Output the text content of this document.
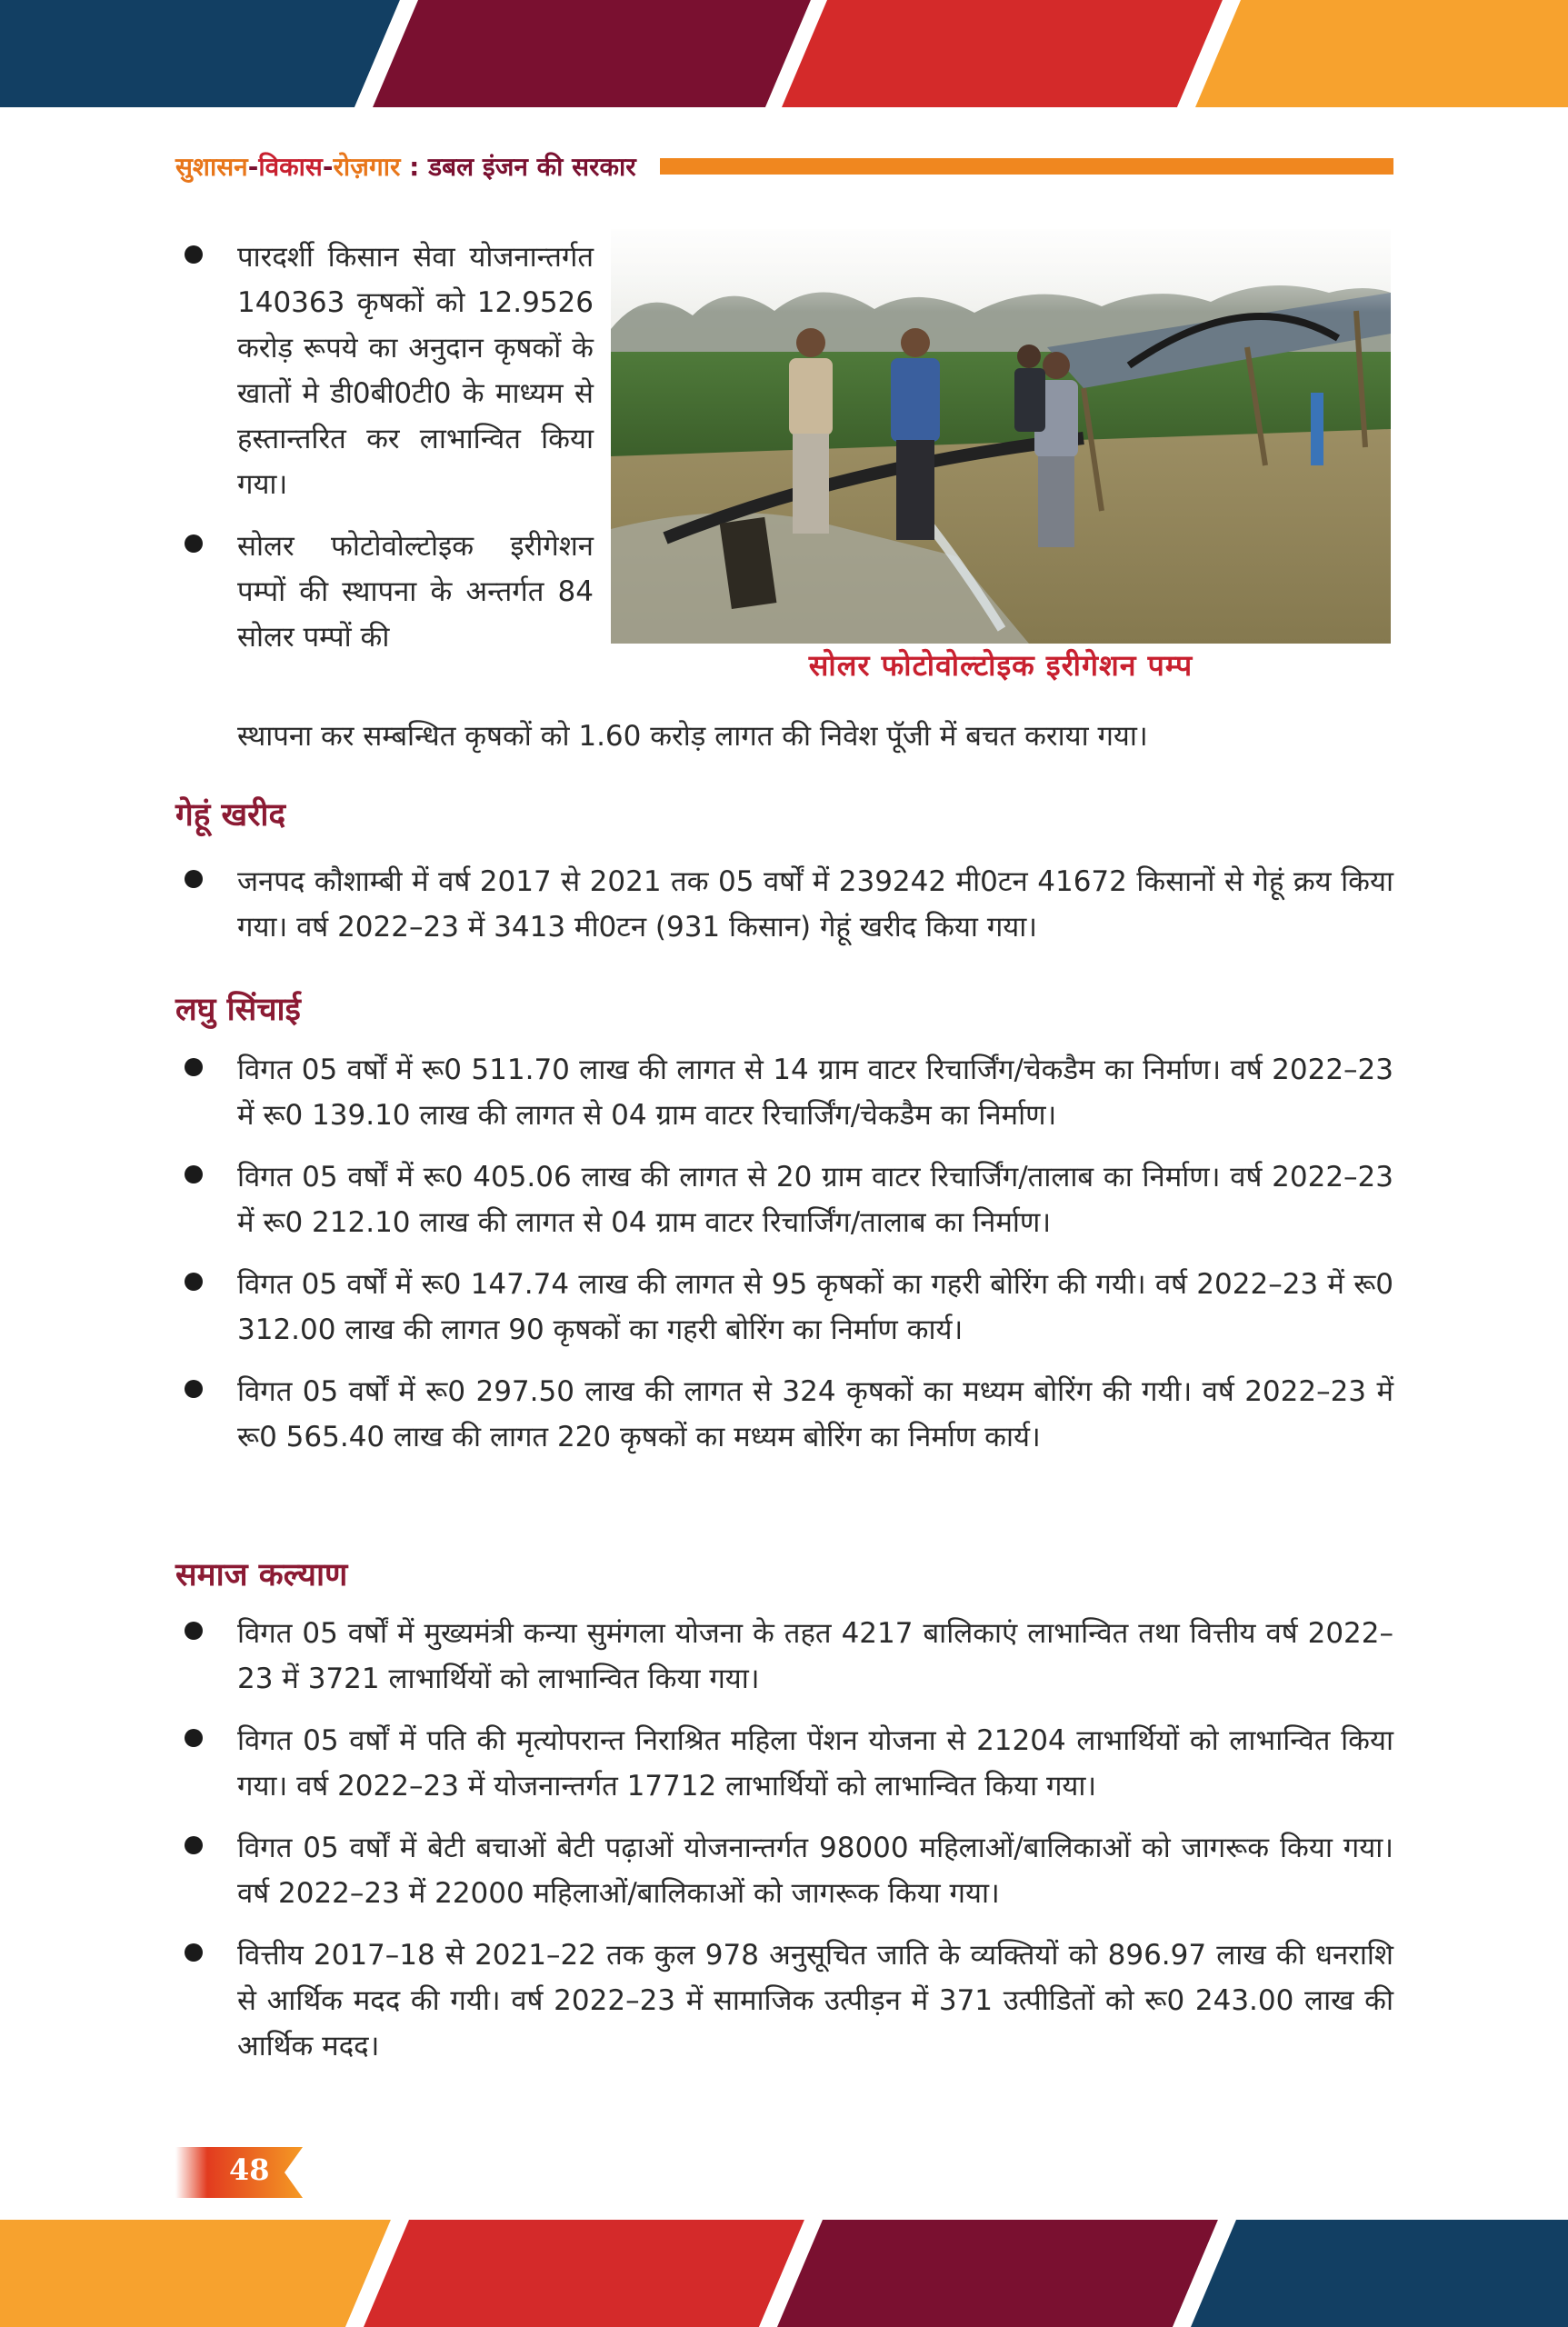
सुशासन-विकास-रोज़गार : डबल इंजन की सरकार
पारदर्शी किसान सेवा योजनान्तर्गत 140363 कृषकों को 12.9526 करोड़ रूपये का अनुदान कृषकों के खातों मे डी0बी0टी0 के माध्यम से हस्तान्तरित कर लाभान्वित किया गया।
सोलर फोटोवोल्टोइक इरीगेशन पम्पों की स्थापना के अन्तर्गत 84 सोलर पम्पों की
स्थापना कर सम्बन्धित कृषकों को 1.60 करोड़ लागत की निवेश पूॅजी में बचत कराया गया।
सोलर फोटोवोल्टोइक इरीगेशन पम्प
गेहूं खरीद
जनपद कौशाम्बी में वर्ष 2017 से 2021 तक 05 वर्षों में 239242 मी0टन 41672 किसानों से गेहूं क्रय किया गया। वर्ष 2022–23 में 3413 मी0टन (931 किसान) गेहूं खरीद किया गया।
लघु सिंचाई
विगत 05 वर्षों में रू0 511.70 लाख की लागत से 14 ग्राम वाटर रिचार्जिंग/चेकडैम का निर्माण। वर्ष 2022–23 में रू0 139.10 लाख की लागत से 04 ग्राम वाटर रिचार्जिंग/चेकडैम का निर्माण।
विगत 05 वर्षों में रू0 405.06 लाख की लागत से 20 ग्राम वाटर रिचार्जिंग/तालाब का निर्माण। वर्ष 2022–23 में रू0 212.10 लाख की लागत से 04 ग्राम वाटर रिचार्जिंग/तालाब का निर्माण।
विगत 05 वर्षों में रू0 147.74 लाख की लागत से 95 कृषकों का गहरी बोरिंग की गयी। वर्ष 2022–23 में रू0 312.00 लाख की लागत 90 कृषकों का गहरी बोरिंग का निर्माण कार्य।
विगत 05 वर्षों में रू0 297.50 लाख की लागत से 324 कृषकों का मध्यम बोरिंग की गयी। वर्ष 2022–23 में रू0 565.40 लाख की लागत 220 कृषकों का मध्यम बोरिंग का निर्माण कार्य।
समाज कल्याण
विगत 05 वर्षों में मुख्यमंत्री कन्या सुमंगला योजना के तहत 4217 बालिकाएं लाभान्वित तथा वित्तीय वर्ष 2022–23 में 3721 लाभार्थियों को लाभान्वित किया गया।
विगत 05 वर्षों में पति की मृत्योपरान्त निराश्रित महिला पेंशन योजना से 21204 लाभार्थियों को लाभान्वित किया गया। वर्ष 2022–23 में योजनान्तर्गत 17712 लाभार्थियों को लाभान्वित किया गया।
विगत 05 वर्षों में बेटी बचाओं बेटी पढ़ाओं योजनान्तर्गत 98000 महिलाओं/बालिकाओं को जागरूक किया गया। वर्ष 2022–23 में 22000 महिलाओं/बालिकाओं को जागरूक किया गया।
वित्तीय 2017–18 से 2021–22 तक कुल 978 अनुसूचित जाति के व्यक्तियों को 896.97 लाख की धनराशि से आर्थिक मदद की गयी। वर्ष 2022–23 में सामाजिक उत्पीड़न में 371 उत्पीडितों को रू0 243.00 लाख की आर्थिक मदद।
48
